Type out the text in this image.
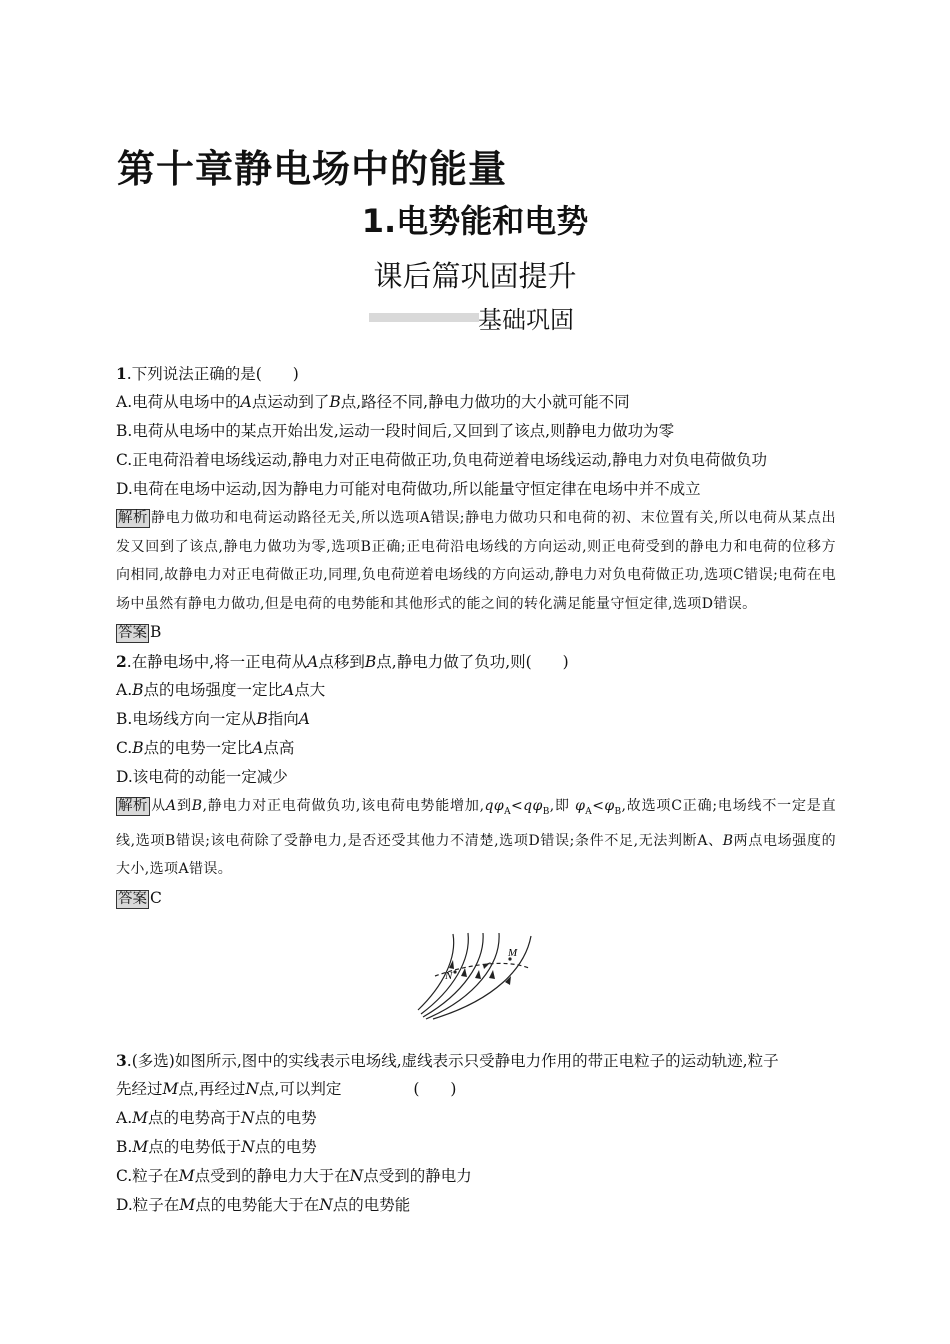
第十章静电场中的能量
1.电势能和电势
课后篇巩固提升
基础巩固
1.下列说法正确的是(　　)
A.电荷从电场中的A点运动到了B点,路径不同,静电力做功的大小就可能不同
B.电荷从电场中的某点开始出发,运动一段时间后,又回到了该点,则静电力做功为零
C.正电荷沿着电场线运动,静电力对正电荷做正功,负电荷逆着电场线运动,静电力对负电荷做负功
D.电荷在电场中运动,因为静电力可能对电荷做功,所以能量守恒定律在电场中并不成立

解析 静电力做功和电荷运动路径无关,所以选项A错误;静电力做功只和电荷的初、末位置有关,所以电荷从某点出发又回到了该点,静电力做功为零,选项B正确;正电荷沿电场线的方向运动,则正电荷受到的静电力和电荷的位移方向相同,故静电力对正电荷做正功,同理,负电荷逆着电场线的方向运动,静电力对负电荷做正功,选项C错误;电荷在电场中虽然有静电力做功,但是电荷的电势能和其他形式的能之间的转化满足能量守恒定律,选项D错误。

答案 B
2.在静电场中,将一正电荷从A点移到B点,静电力做了负功,则(　　)
A.B点的电场强度一定比A点大
B.电场线方向一定从B指向A
C.B点的电势一定比A点高
D.该电荷的动能一定减少

解析 从A到B,静电力对正电荷做负功,该电荷电势能增加$,q\varphi_A<q\varphi_B$,即 $\varphi_A<\varphi_B$,故选项C正确;电场线不一定是直线,选项B错误;该电荷除了受静电力,是否还受其他力不清楚,选项D错误;条件不足,无法判断A、B两点电场强度的大小,选项A错误。

答案 C
M
N
3.(多选)如图所示,图中的实线表示电场线,虚线表示只受静电力作用的带正电粒子的运动轨迹,粒子
先经过M点,再经过N点,可以判定	(　　)
A.M点的电势高于N点的电势
B.M点的电势低于N点的电势
C.粒子在M点受到的静电力大于在N点受到的静电力
D.粒子在M点的电势能大于在N点的电势能
